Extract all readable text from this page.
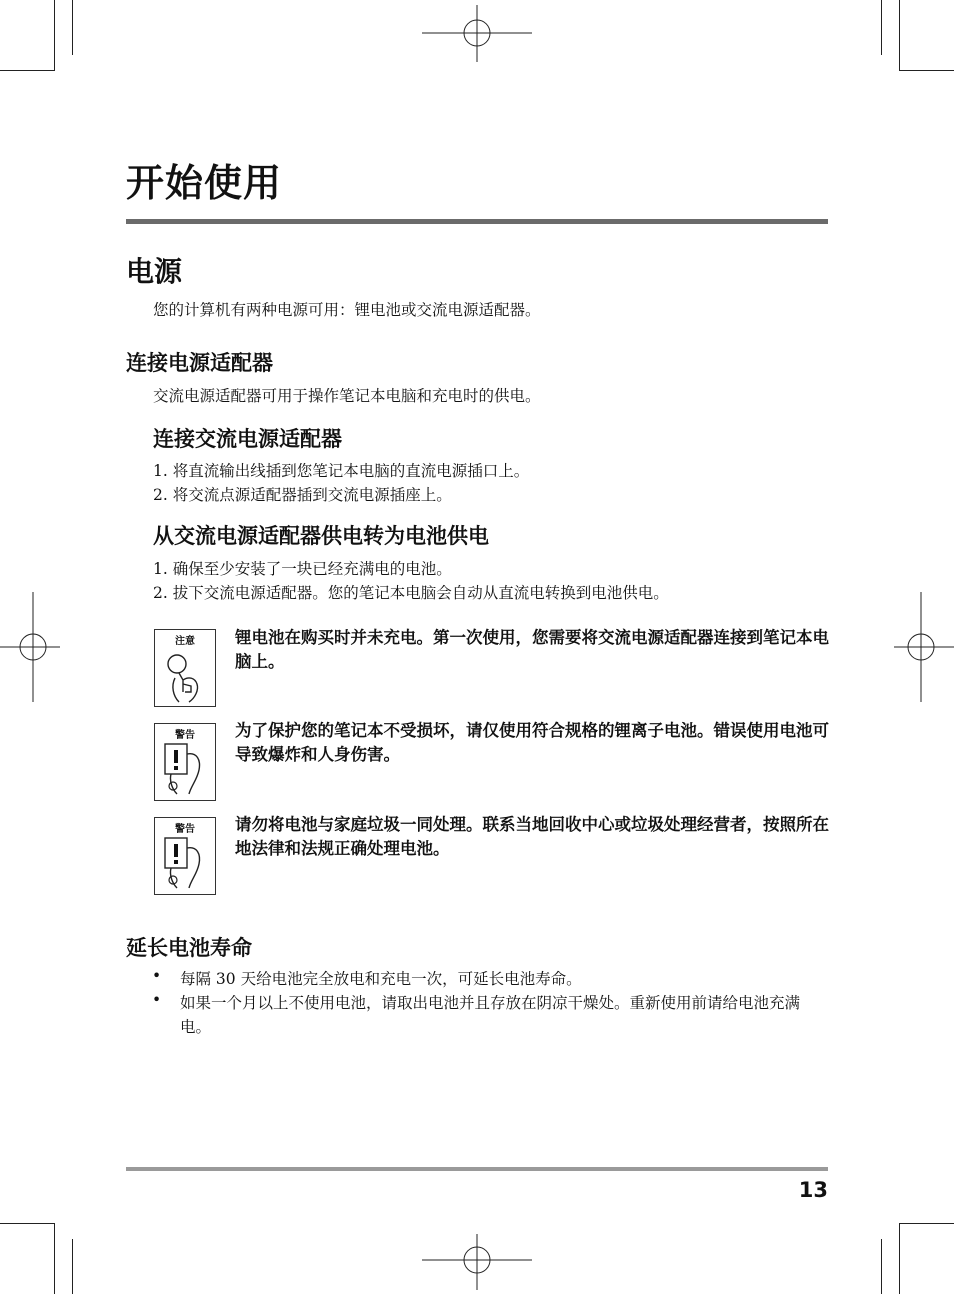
开始使用
电源
您的计算机有两种电源可用：锂电池或交流电源适配器。
连接电源适配器
交流电源适配器可用于操作笔记本电脑和充电时的供电。
连接交流电源适配器
1. 将直流输出线插到您笔记本电脑的直流电源插口上。
2. 将交流点源适配器插到交流电源插座上。
从交流电源适配器供电转为电池供电
1. 确保至少安装了一块已经充满电的电池。
2. 拔下交流电源适配器。您的笔记本电脑会自动从直流电转换到电池供电。
注意	锂电池在购买时并未充电。第一次使用，您需要将交流电源适配器连接到笔记本电脑上。
警告	为了保护您的笔记本不受损坏，请仅使用符合规格的锂离子电池。错误使用电池可导致爆炸和人身伤害。
警告	请勿将电池与家庭垃圾一同处理。联系当地回收中心或垃圾处理经营者，按照所在地法律和法规正确处理电池。
延长电池寿命
• 每隔 30 天给电池完全放电和充电一次，可延长电池寿命。
• 如果一个月以上不使用电池，请取出电池并且存放在阴凉干燥处。重新使用前请给电池充满电。
13
